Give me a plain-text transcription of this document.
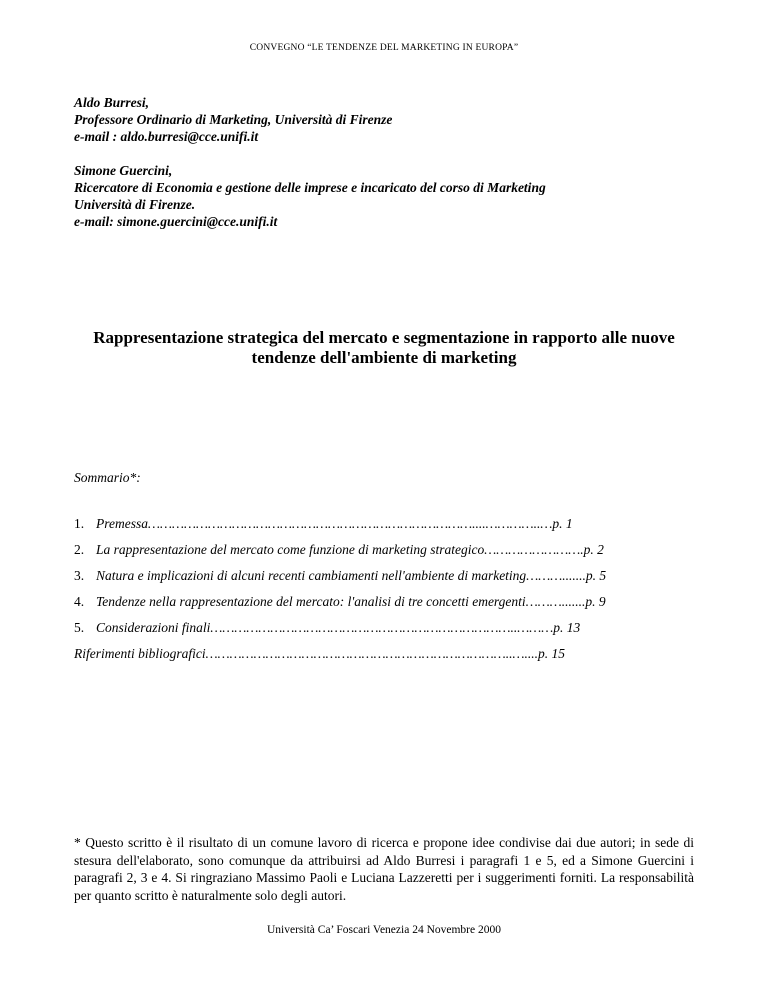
CONVEGNO “LE TENDENZE DEL MARKETING IN EUROPA”
Aldo Burresi,
Professore Ordinario di Marketing, Università di Firenze
e-mail : aldo.burresi@cce.unifi.it
Simone Guercini,
Ricercatore di Economia e gestione delle imprese e incaricato del corso di Marketing
Università di Firenze.
e-mail: simone.guercini@cce.unifi.it
Rappresentazione strategica del mercato e segmentazione in rapporto alle nuove
tendenze dell'ambiente di marketing
Sommario*:
1. Premessa………………………………………………………………………....…………..…p. 1
2. La rappresentazione del mercato come funzione di marketing strategico…………………….p. 2
3. Natura e implicazioni di alcuni recenti cambiamenti nell'ambiente di marketing……….......p. 5
4. Tendenze nella rappresentazione del mercato: l'analisi di tre concetti emergenti……….......p. 9
5. Considerazioni finali…………………………………………………………………..………p. 13
Riferimenti bibliografici…………………………………………………………………..…....p. 15
* Questo scritto è il risultato di un comune lavoro di ricerca e propone idee condivise dai due autori; in sede di stesura dell'elaborato, sono comunque da attribuirsi ad Aldo Burresi i paragrafi 1 e 5, ed a Simone Guercini i paragrafi 2, 3 e 4. Si ringraziano Massimo Paoli e Luciana Lazzeretti per i suggerimenti forniti. La responsabilità per quanto scritto è naturalmente solo degli autori.
Università Ca’ Foscari Venezia 24 Novembre 2000
